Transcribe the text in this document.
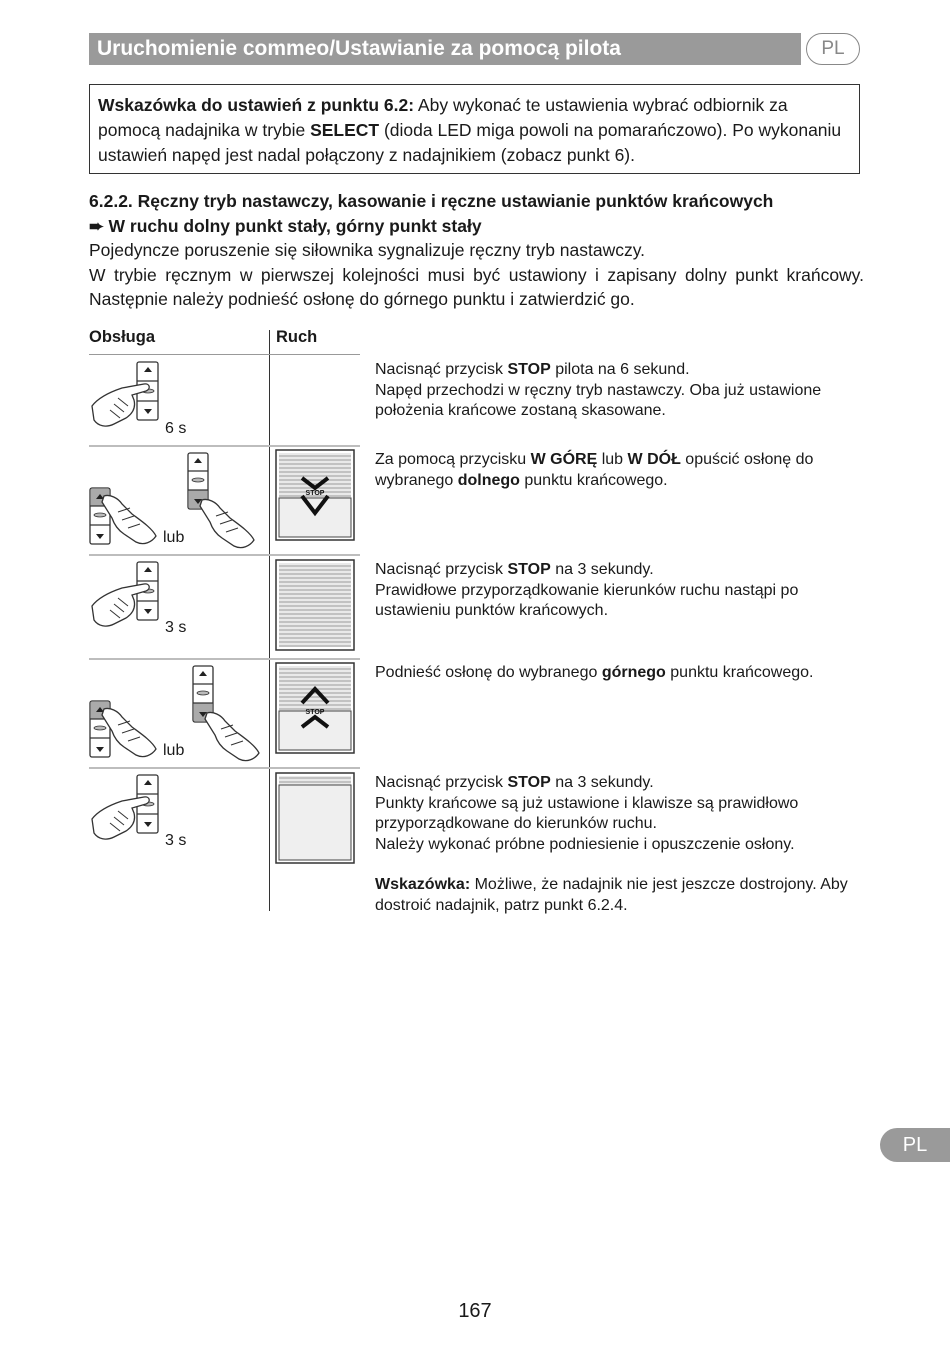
Uruchomienie commeo/Ustawianie za pomocą pilota	PL
Wskazówka do ustawień z punktu 6.2: Aby wykonać te ustawienia wybrać odbiornik za pomocą nadajnika w trybie SELECT (dioda LED miga powoli na pomarańczowo). Po wykonaniu ustawień napęd jest nadal połączony z nadajnikiem (zobacz punkt 6).

6.2.2. Ręczny tryb nastawczy, kasowanie i ręczne ustawianie punktów krańcowych

➨ W ruchu dolny punkt stały, górny punkt stały

Pojedyncze poruszenie się siłownika sygnalizuje ręczny tryb nastawczy.

W trybie ręcznym w pierwszej kolejności musi być ustawiony i zapisany dolny punkt krańcowy. Następnie należy podnieść osłonę do górnego punktu i zatwierdzić go.

Obsługa	Ruch
6 s

Nacisnąć przycisk STOP pilota na 6 sekund.

Napęd przechodzi w ręczny tryb nastawczy. Oba już ustawione położenia krańcowe zostaną skasowane.

lub
STOP

Za pomocą przycisku W GÓRĘ lub W DÓŁ opuścić osłonę do wybranego dolnego punktu krańcowego.

3 s

Nacisnąć przycisk STOP na 3 sekundy.

Prawidłowe przyporządkowanie kierunków ruchu nastąpi po ustawieniu punktów krańcowych.

lub
STOP

Podnieść osłonę do wybranego górnego punktu krańcowego.

3 s

Nacisnąć przycisk STOP na 3 sekundy.

Punkty krańcowe są już ustawione i klawisze są prawidłowo przyporządkowane do kierunków ruchu.

Należy wykonać próbne podniesienie i opuszczenie osłony.

Wskazówka: Możliwe, że nadajnik nie jest jeszcze dostrojony. Aby dostroić nadajnik, patrz punkt 6.2.4.

PL
167
